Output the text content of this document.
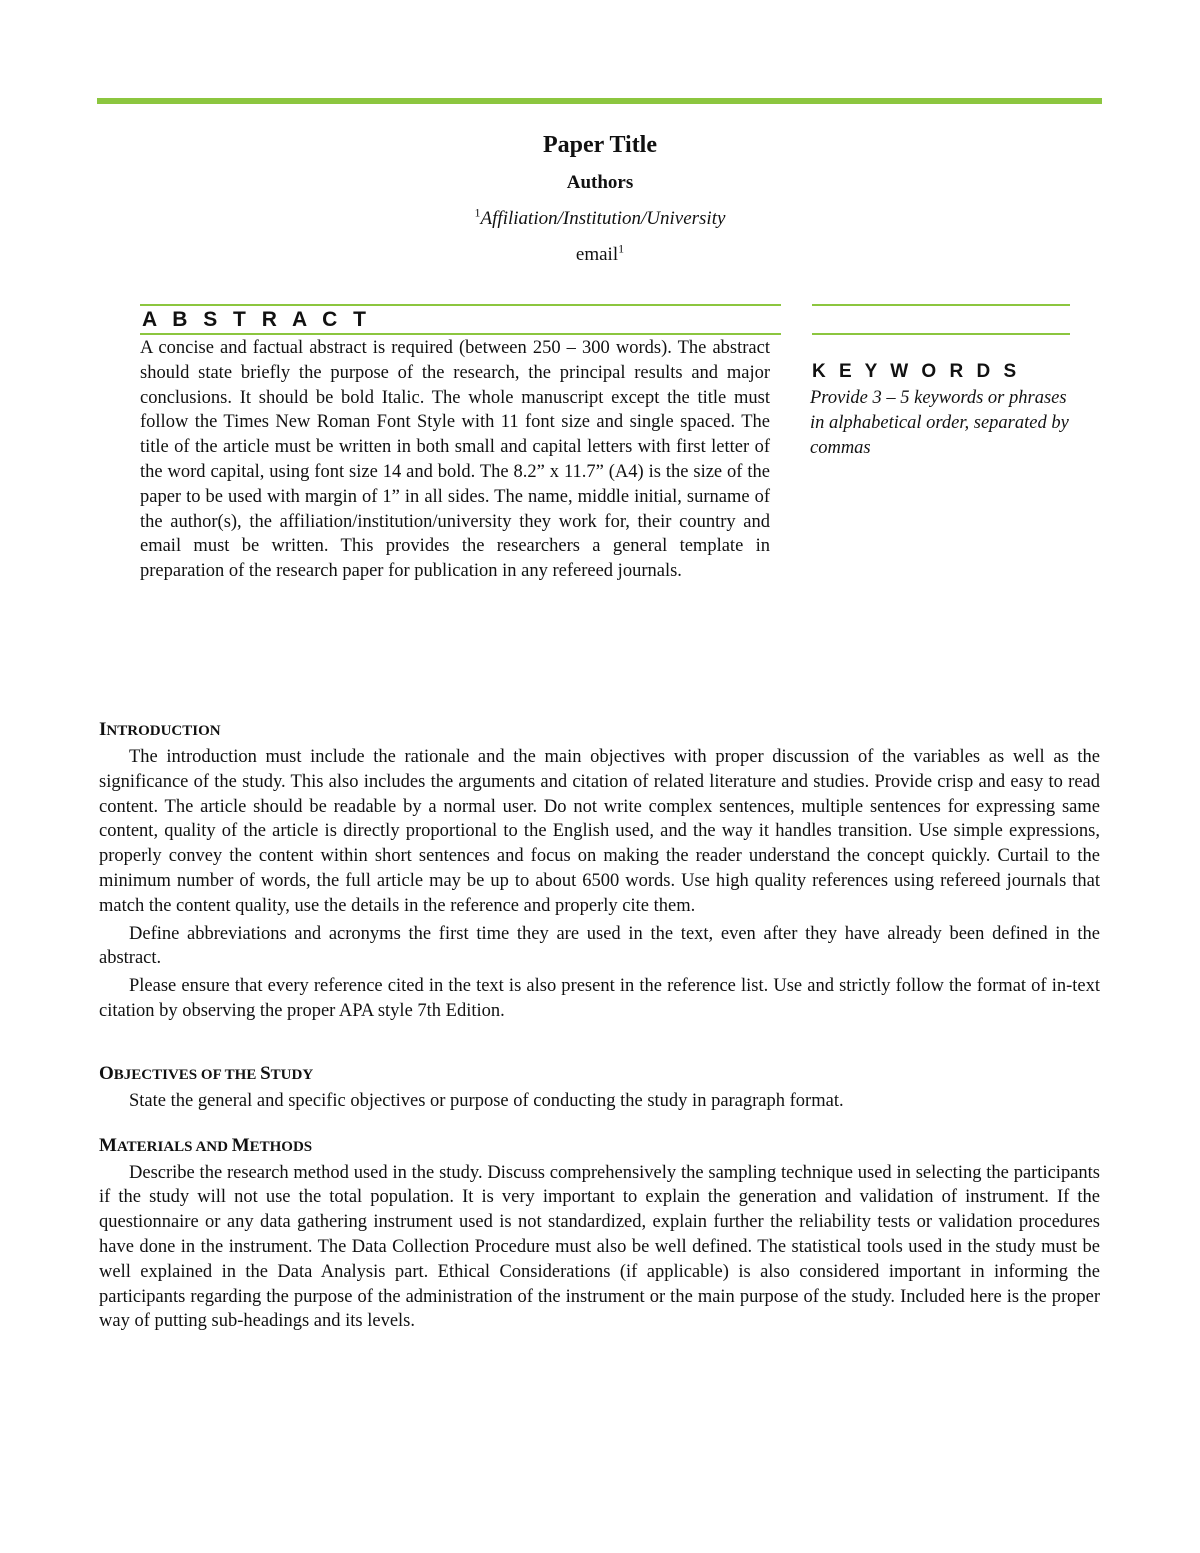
Paper Title
Authors
$^1$Affiliation/Institution/University
email$^1$
A B S T R A C T

A concise and factual abstract is required (between 250 – 300 words). The abstract should state briefly the purpose of the research, the principal results and major conclusions. It should be bold Italic. The whole manuscript except the title must follow the Times New Roman Font Style with 11 font size and single spaced. The title of the article must be written in both small and capital letters with first letter of the word capital, using font size 14 and bold. The 8.2” x 11.7” (A4) is the size of the paper to be used with margin of 1” in all sides. The name, middle initial, surname of the author(s), the affiliation/institution/university they work for, their country and email must be written. This provides the researchers a general template in preparation of the research paper for publication in any refereed journals.

K E Y W O R D S

Provide 3 – 5 keywords or phrases in alphabetical order, separated by commas

INTRODUCTION

The introduction must include the rationale and the main objectives with proper discussion of the variables as well as the significance of the study. This also includes the arguments and citation of related literature and studies. Provide crisp and easy to read content. The article should be readable by a normal user. Do not write complex sentences, multiple sentences for expressing same content, quality of the article is directly proportional to the English used, and the way it handles transition. Use simple expressions, properly convey the content within short sentences and focus on making the reader understand the concept quickly. Curtail to the minimum number of words, the full article may be up to about 6500 words. Use high quality references using refereed journals that match the content quality, use the details in the reference and properly cite them.

Define abbreviations and acronyms the first time they are used in the text, even after they have already been defined in the abstract.

Please ensure that every reference cited in the text is also present in the reference list. Use and strictly follow the format of in-text citation by observing the proper APA style 7th Edition.

OBJECTIVES OF THE STUDY

State the general and specific objectives or purpose of conducting the study in paragraph format.

MATERIALS AND METHODS

Describe the research method used in the study. Discuss comprehensively the sampling technique used in selecting the participants if the study will not use the total population. It is very important to explain the generation and validation of instrument. If the questionnaire or any data gathering instrument used is not standardized, explain further the reliability tests or validation procedures have done in the instrument. The Data Collection Procedure must also be well defined. The statistical tools used in the study must be well explained in the Data Analysis part. Ethical Considerations (if applicable) is also considered important in informing the participants regarding the purpose of the administration of the instrument or the main purpose of the study. Included here is the proper way of putting sub-headings and its levels.
